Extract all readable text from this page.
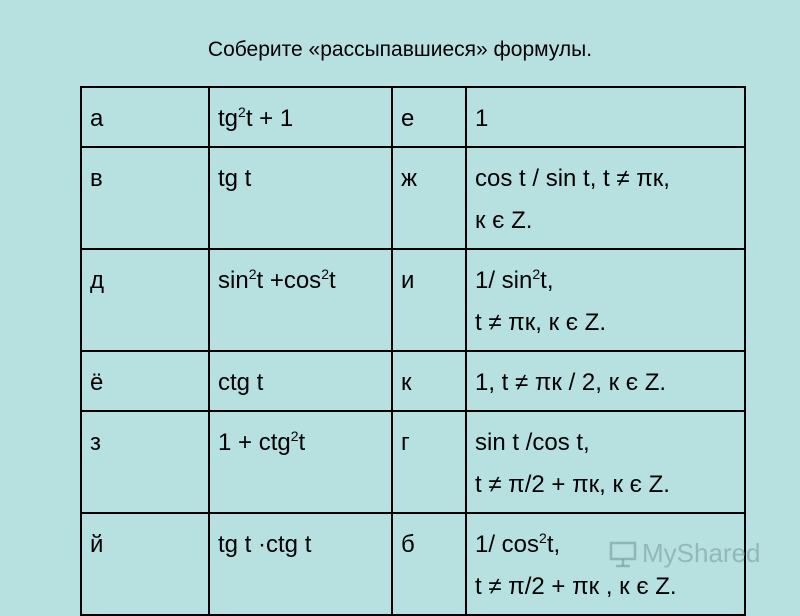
Соберите «рассыпавшиеся» формулы.
а	$tg^2t + 1$	е	1

в	tg t	ж	cos t / sin t, t ≠ πк,
к є Z.

д	$\sin^2t +\cos^2t$	и	1/ $\sin^2t$,
t ≠ πк, к є Z.

ё	ctg t	к	1, t ≠ πк / 2, к є Z.

з	1 + ctg$^2$t	г	sin t /cos t,
t ≠ π/2 + πк, к є Z.

й	tg t ·ctg t	б	1/ $\cos^2t$,
t ≠ π/2 + πк , к є Z.
MyShared
